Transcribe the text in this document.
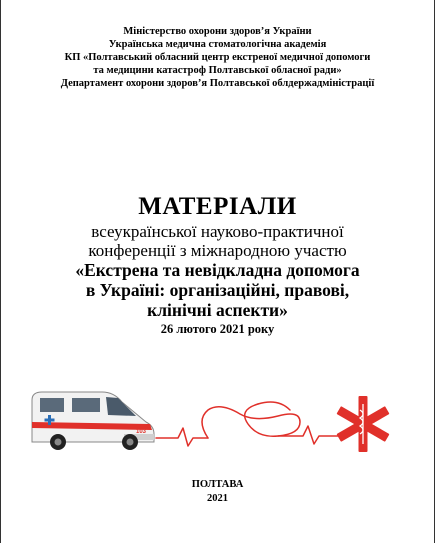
Міністерство охорони здоров’я України
Українська медична стоматологічна академія
КП «Полтавський обласний центр екстреної медичної допомоги
та медицини катастроф Полтавської обласної ради»
Департамент охорони здоров’я Полтавської облдержадміністрації
МАТЕРІАЛИ
всеукраїнської науково-практичної
конференції з міжнародною участю
«Екстрена та невідкладна допомога
в Україні: організаційні, правові,
клінічні аспекти»
26 лютого 2021 року
103
ПОЛТАВА
2021
